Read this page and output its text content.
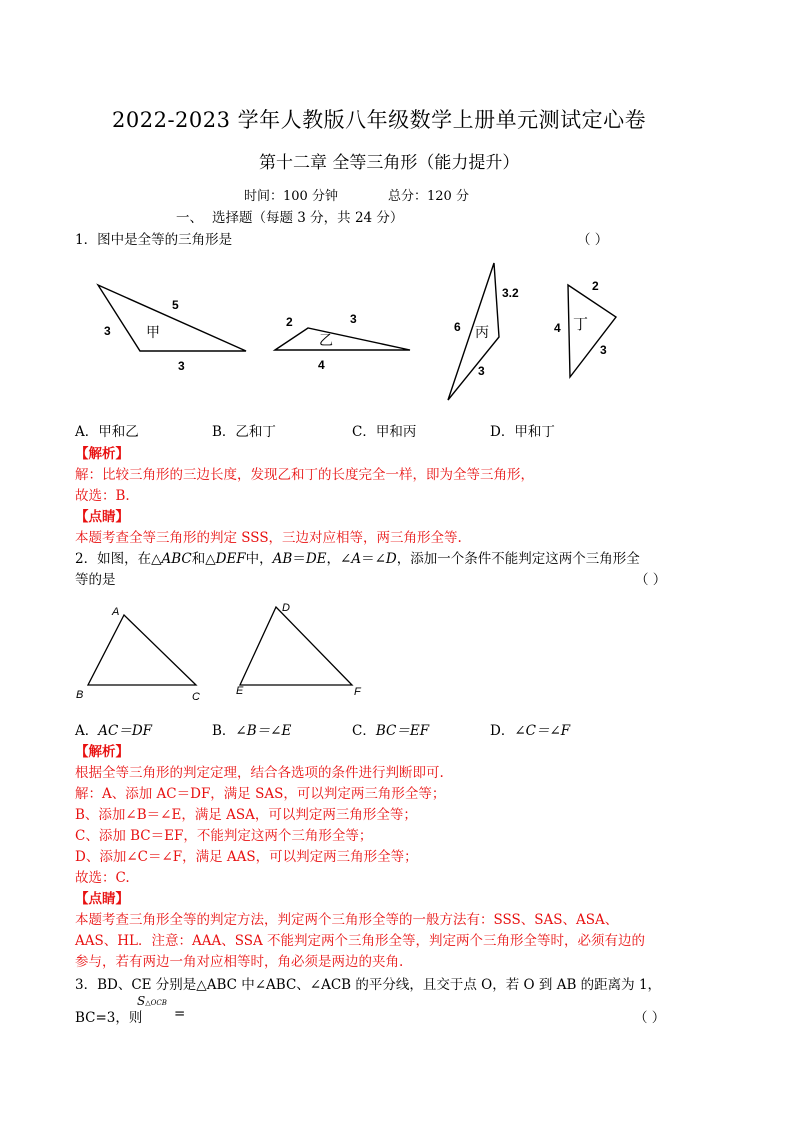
2022-2023 学年人教版八年级数学上册单元测试定心卷
第十二章 全等三角形（能力提升）
时间：100 分钟	总分：120 分
一、 选择题（每题 3 分，共 24 分）
1．图中是全等的三角形是	（ ）
5
3
3
甲
2	3
4
乙
3.2
6
3
丙
2
4
3
丁
A．甲和乙	B．乙和丁	C．甲和丙	D．甲和丁
【解析】
解：比较三角形的三边长度，发现乙和丁的长度完全一样，即为全等三角形，
故选：B.
【点睛】
本题考查全等三角形的判定 SSS，三边对应相等，两三角形全等.
2．如图，在△ABC和△DEF中，AB＝DE，∠A＝∠D，添加一个条件不能判定这两个三角形全
等的是	（ ）
A
B	C
D
E	F
A．AC＝DF	B．∠B＝∠E	C．BC＝EF	D．∠C＝∠F
【解析】
根据全等三角形的判定定理，结合各选项的条件进行判断即可.
解：A、添加 AC＝DF，满足 SAS，可以判定两三角形全等；
B、添加∠B＝∠E，满足 ASA，可以判定两三角形全等；
C、添加 BC＝EF，不能判定这两个三角形全等；
D、添加∠C＝∠F，满足 AAS，可以判定两三角形全等；
故选：C.
【点睛】
本题考查三角形全等的判定方法，判定两个三角形全等的一般方法有：SSS、SAS、ASA、
AAS、HL．注意：AAA、SSA 不能判定两个三角形全等，判定两个三角形全等时，必须有边的
参与，若有两边一角对应相等时，角必须是两边的夹角.
3．BD、CE 分别是△ABC 中∠ABC、∠ACB 的平分线，且交于点 O，若 O 到 AB 的距离为 1，
BC=3，则
S△OCB
=	（ ）
